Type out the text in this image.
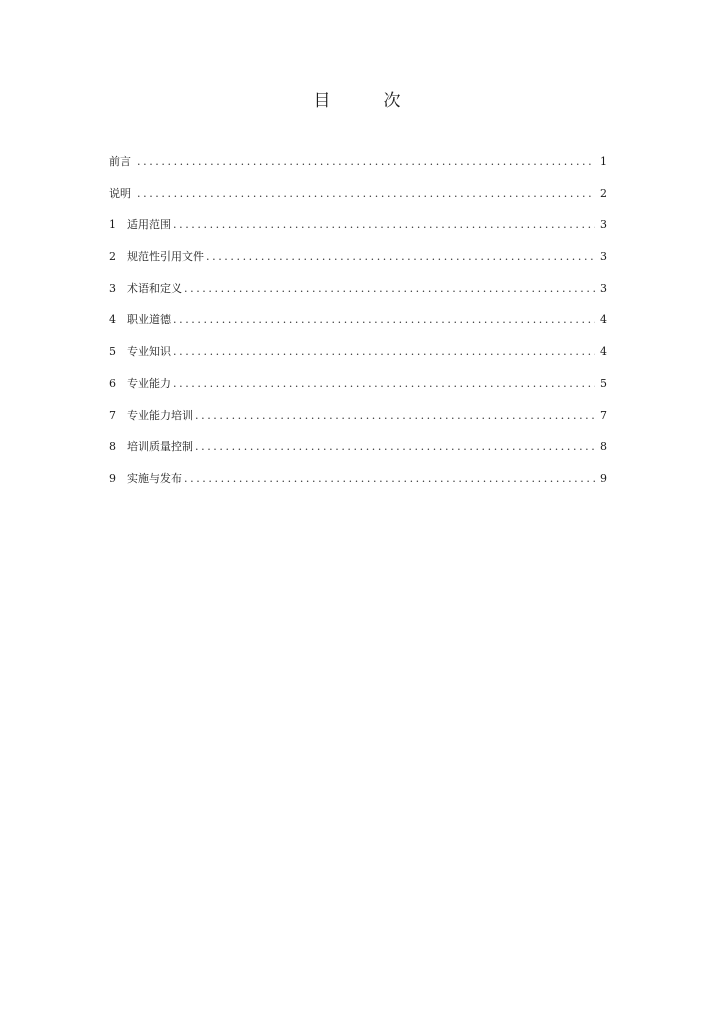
目　次
前言 .....	1
说明 .....	2
1	适用范围 .....	3
2	规范性引用文件 .....	3
3	术语和定义 .....	3
4	职业道德 .....	4
5	专业知识 .....	4
6	专业能力 .....	5
7	专业能力培训 .....	7
8	培训质量控制 .....	8
9	实施与发布 .....	9
